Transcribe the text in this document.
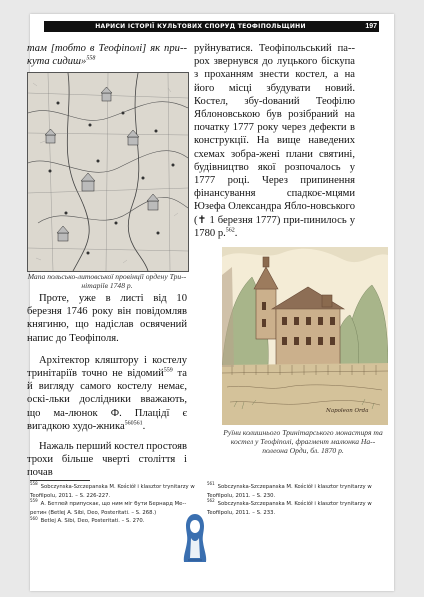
НАРИСИ ІСТОРІЇ КУЛЬТОВИХ СПОРУД ТЕОФІПОЛЬЩИНИ	197

там [тобто в Теофіполі] як при-кута сидиш»$^{558}$

Мапа польсько-литовської провінції ордену Три-нітаріїв 1748 р.

Проте, уже в листі від 10 березня 1746 року він повідомляв княгиню, що надіслав освячений напис до Теофіполя.

Архітектор кляштору і костелу тринітаріїв точно не відомий$^{559}$ та й вигляду самого костелу немає, оскі-льки дослідники вважають, що ма-люнок Ф. Плацідї є вигадкою худо-жника$^{560561}$.

Нажаль перший костел простояв трохи більше чверті століття і почав

руйнуватися. Теофіпольський па-рох звернувся до луцького біскупа з проханням знести костел, а на його місці збудувати новий. Костел, збу-dований Теофілю Яблоновською був розібраний на початку 1777 року через дефекти в конструкції. На вище наведених схемах зобра-жені плани святині, будівництво якої розпочалось у 1777 році. Через припинення фінансування спадкоє-мцями Юзефа Олександра Ябло-новського (✝ 1 березня 1777) при-пинилось у 1780 р.$^{562}$.

Napoleon Orda
Руїни колишнього Тринітарського монастиря та костел у Теофіполі, фрагмент малюнка На-полеона Орди, бл. 1870 р.
$^{558}$Sobczynska-Szczepanska M. Kościół i klasztor trynitarzy w Teofilpolu, 2011. – S. 226-227.
$^{559}$А. Бетлей припускає, що ним міг бути Бернард Ме-ретин (Betlej A. Sibi, Deo, Posteritati. – S. 268.)
$^{560}$Betlej A. Sibi, Deo, Posteritati. – S. 270.
$^{561}$Sobczynska-Szczepanska M. Kościół i klasztor trynitarzy w Teofilpolu, 2011. – S. 230.
$^{562}$Sobczynska-Szczepanska M. Kościół i klasztor trynitarzy w Teofilpolu, 2011. – S. 233.
